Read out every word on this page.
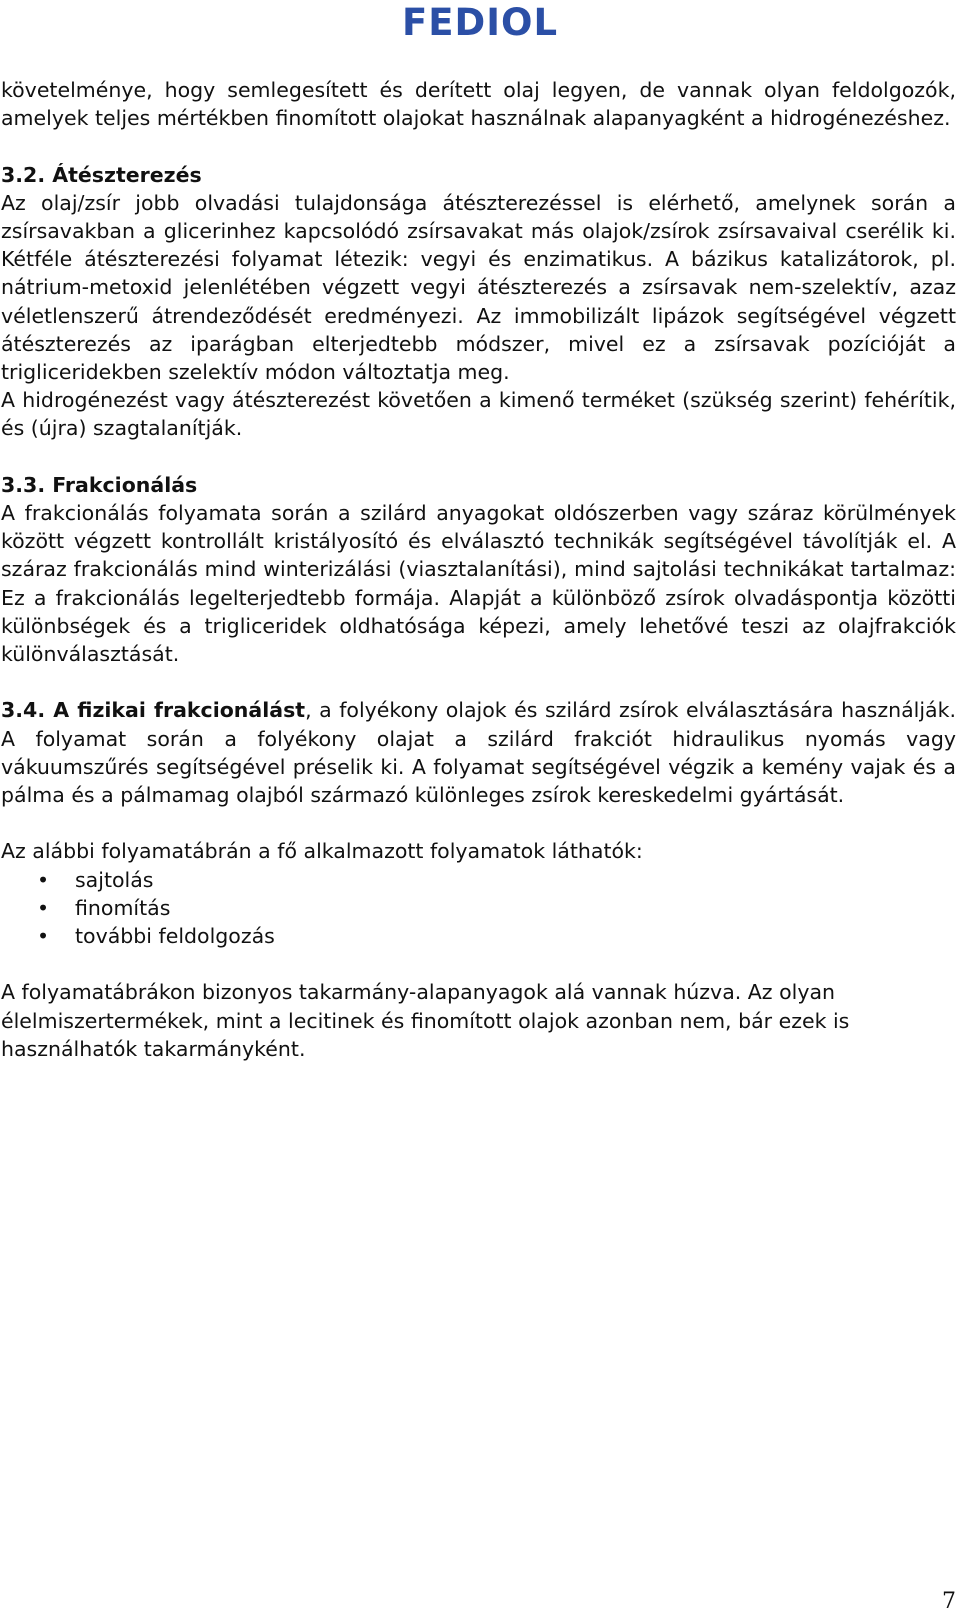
FEDIOL

követelménye, hogy semlegesített és derített olaj legyen, de vannak olyan feldolgozók, amelyek teljes mértékben finomított olajokat használnak alapanyagként a hidrogénezéshez.

3.2. Átészterezés

Az olaj/zsír jobb olvadási tulajdonsága átészterezéssel is elérhető, amelynek során a zsírsavakban a glicerinhez kapcsolódó zsírsavakat más olajok/zsírok zsírsavaival cserélik ki. Kétféle átészterezési folyamat létezik: vegyi és enzimatikus. A bázikus katalizátorok, pl. nátrium-metoxid jelenlétében végzett vegyi átészterezés a zsírsavak nem-szelektív, azaz véletlenszerű átrendeződését eredményezi. Az immobilizált lipázok segítségével végzett átészterezés az iparágban elterjedtebb módszer, mivel ez a zsírsavak pozícióját a trigliceridekben szelektív módon változtatja meg.

A hidrogénezést vagy átészterezést követően a kimenő terméket (szükség szerint) fehérítik, és (újra) szagtalanítják.

3.3. Frakcionálás

A frakcionálás folyamata során a szilárd anyagokat oldószerben vagy száraz körülmények között végzett kontrollált kristályosító és elválasztó technikák segítségével távolítják el. A száraz frakcionálás mind winterizálási (viasztalanítási), mind sajtolási technikákat tartalmaz: Ez a frakcionálás legelterjedtebb formája. Alapját a különböző zsírok olvadáspontja közötti különbségek és a trigliceridek oldhatósága képezi, amely lehetővé teszi az olajfrakciók különválasztását.

3.4. A fizikai frakcionálást, a folyékony olajok és szilárd zsírok elválasztására használják. A folyamat során a folyékony olajat a szilárd frakciót hidraulikus nyomás vagy vákuumszűrés segítségével préselik ki. A folyamat segítségével végzik a kemény vajak és a pálma és a pálmamag olajból származó különleges zsírok kereskedelmi gyártását.

Az alábbi folyamatábrán a fő alkalmazott folyamatok láthatók:

• sajtolás
• finomítás
• további feldolgozás

A folyamatábrákon bizonyos takarmány-alapanyagok alá vannak húzva. Az olyan élelmiszertermékek, mint a lecitinek és finomított olajok azonban nem, bár ezek is használhatók takarmányként.

7
